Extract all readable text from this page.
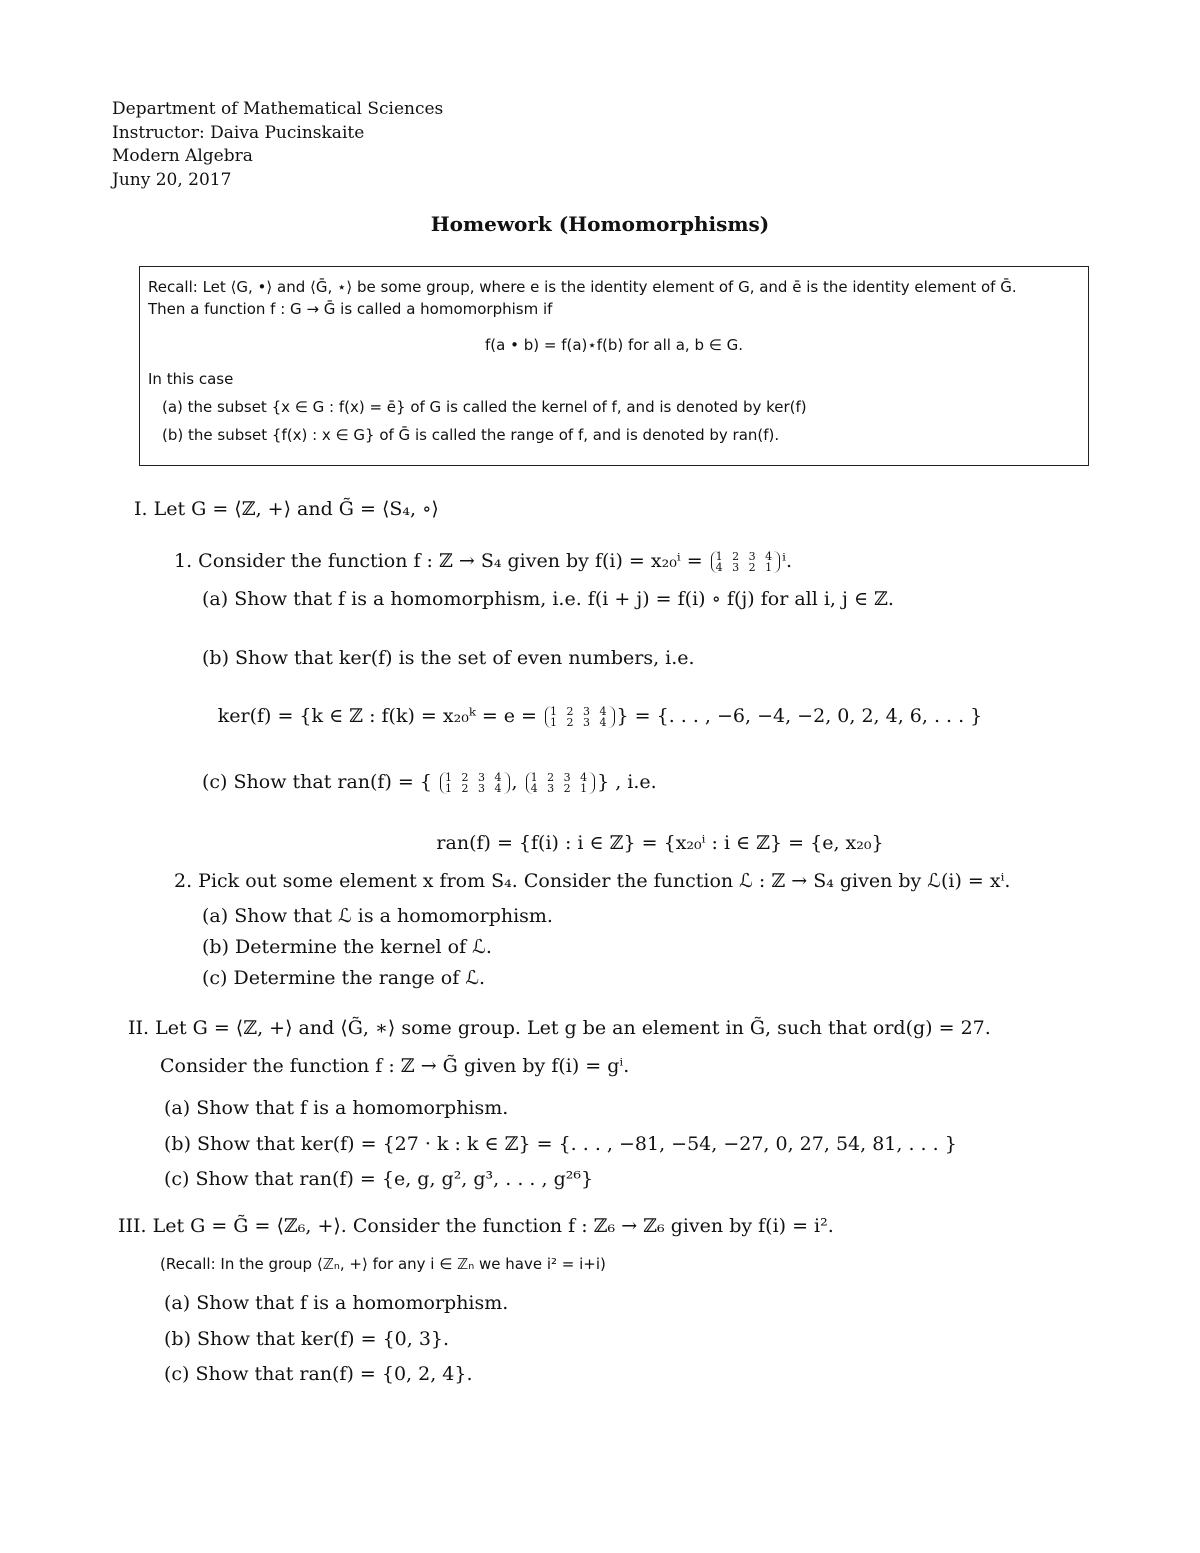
Department of Mathematical Sciences
Instructor: Daiva Pucinskaite
Modern Algebra
Juny 20, 2017
Homework (Homomorphisms)
Recall: Let ⟨G, •⟩ and ⟨Ḡ, ⋆⟩ be some group, where e is the identity element of G, and ē is the identity element of Ḡ.
Then a function f : G → Ḡ is called a homomorphism if
f(a • b) = f(a)⋆f(b) for all a, b ∈ G.
In this case
(a) the subset {x ∈ G : f(x) = ē} of G is called the kernel of f, and is denoted by ker(f)
(b) the subset {f(x) : x ∈ G} of Ḡ is called the range of f, and is denoted by ran(f).
I. Let G = ⟨ℤ, +⟩ and G̃ = ⟨S₄, ∘⟩
1. Consider the function f : ℤ → S₄ given by f(i) = x₂₀ⁱ = 1 2 3 4
4 3 2 1 ⁱ.
(a) Show that f is a homomorphism, i.e. f(i + j) = f(i) ∘ f(j) for all i, j ∈ ℤ.
(b) Show that ker(f) is the set of even numbers, i.e.
ker(f) = {k ∈ ℤ : f(k) = x₂₀ᵏ = e = 1 2 3 4
1 2 3 4 } = {. . . , −6, −4, −2, 0, 2, 4, 6, . . . }
(c) Show that ran(f) = { 1 2 3 4
1 2 3 4 , 1 2 3 4
4 3 2 1 } , i.e.
ran(f) = {f(i) : i ∈ ℤ} = {x₂₀ⁱ : i ∈ ℤ} = {e, x₂₀}
2. Pick out some element x from S₄. Consider the function ℒ : ℤ → S₄ given by ℒ(i) = xⁱ.
(a) Show that ℒ is a homomorphism.
(b) Determine the kernel of ℒ.
(c) Determine the range of ℒ.
II. Let G = ⟨ℤ, +⟩ and ⟨G̃, ∗⟩ some group. Let g be an element in G̃, such that ord(g) = 27.
Consider the function f : ℤ → G̃ given by f(i) = gⁱ.
(a) Show that f is a homomorphism.
(b) Show that ker(f) = {27 · k : k ∈ ℤ} = {. . . , −81, −54, −27, 0, 27, 54, 81, . . . }
(c) Show that ran(f) = {e, g, g², g³, . . . , g²⁶}
III. Let G = G̃ = ⟨ℤ₆, +⟩. Consider the function f : ℤ₆ → ℤ₆ given by f(i) = i².
(Recall: In the group ⟨ℤₙ, +⟩ for any i ∈ ℤₙ we have i² = i+i)
(a) Show that f is a homomorphism.
(b) Show that ker(f) = {0, 3}.
(c) Show that ran(f) = {0, 2, 4}.
